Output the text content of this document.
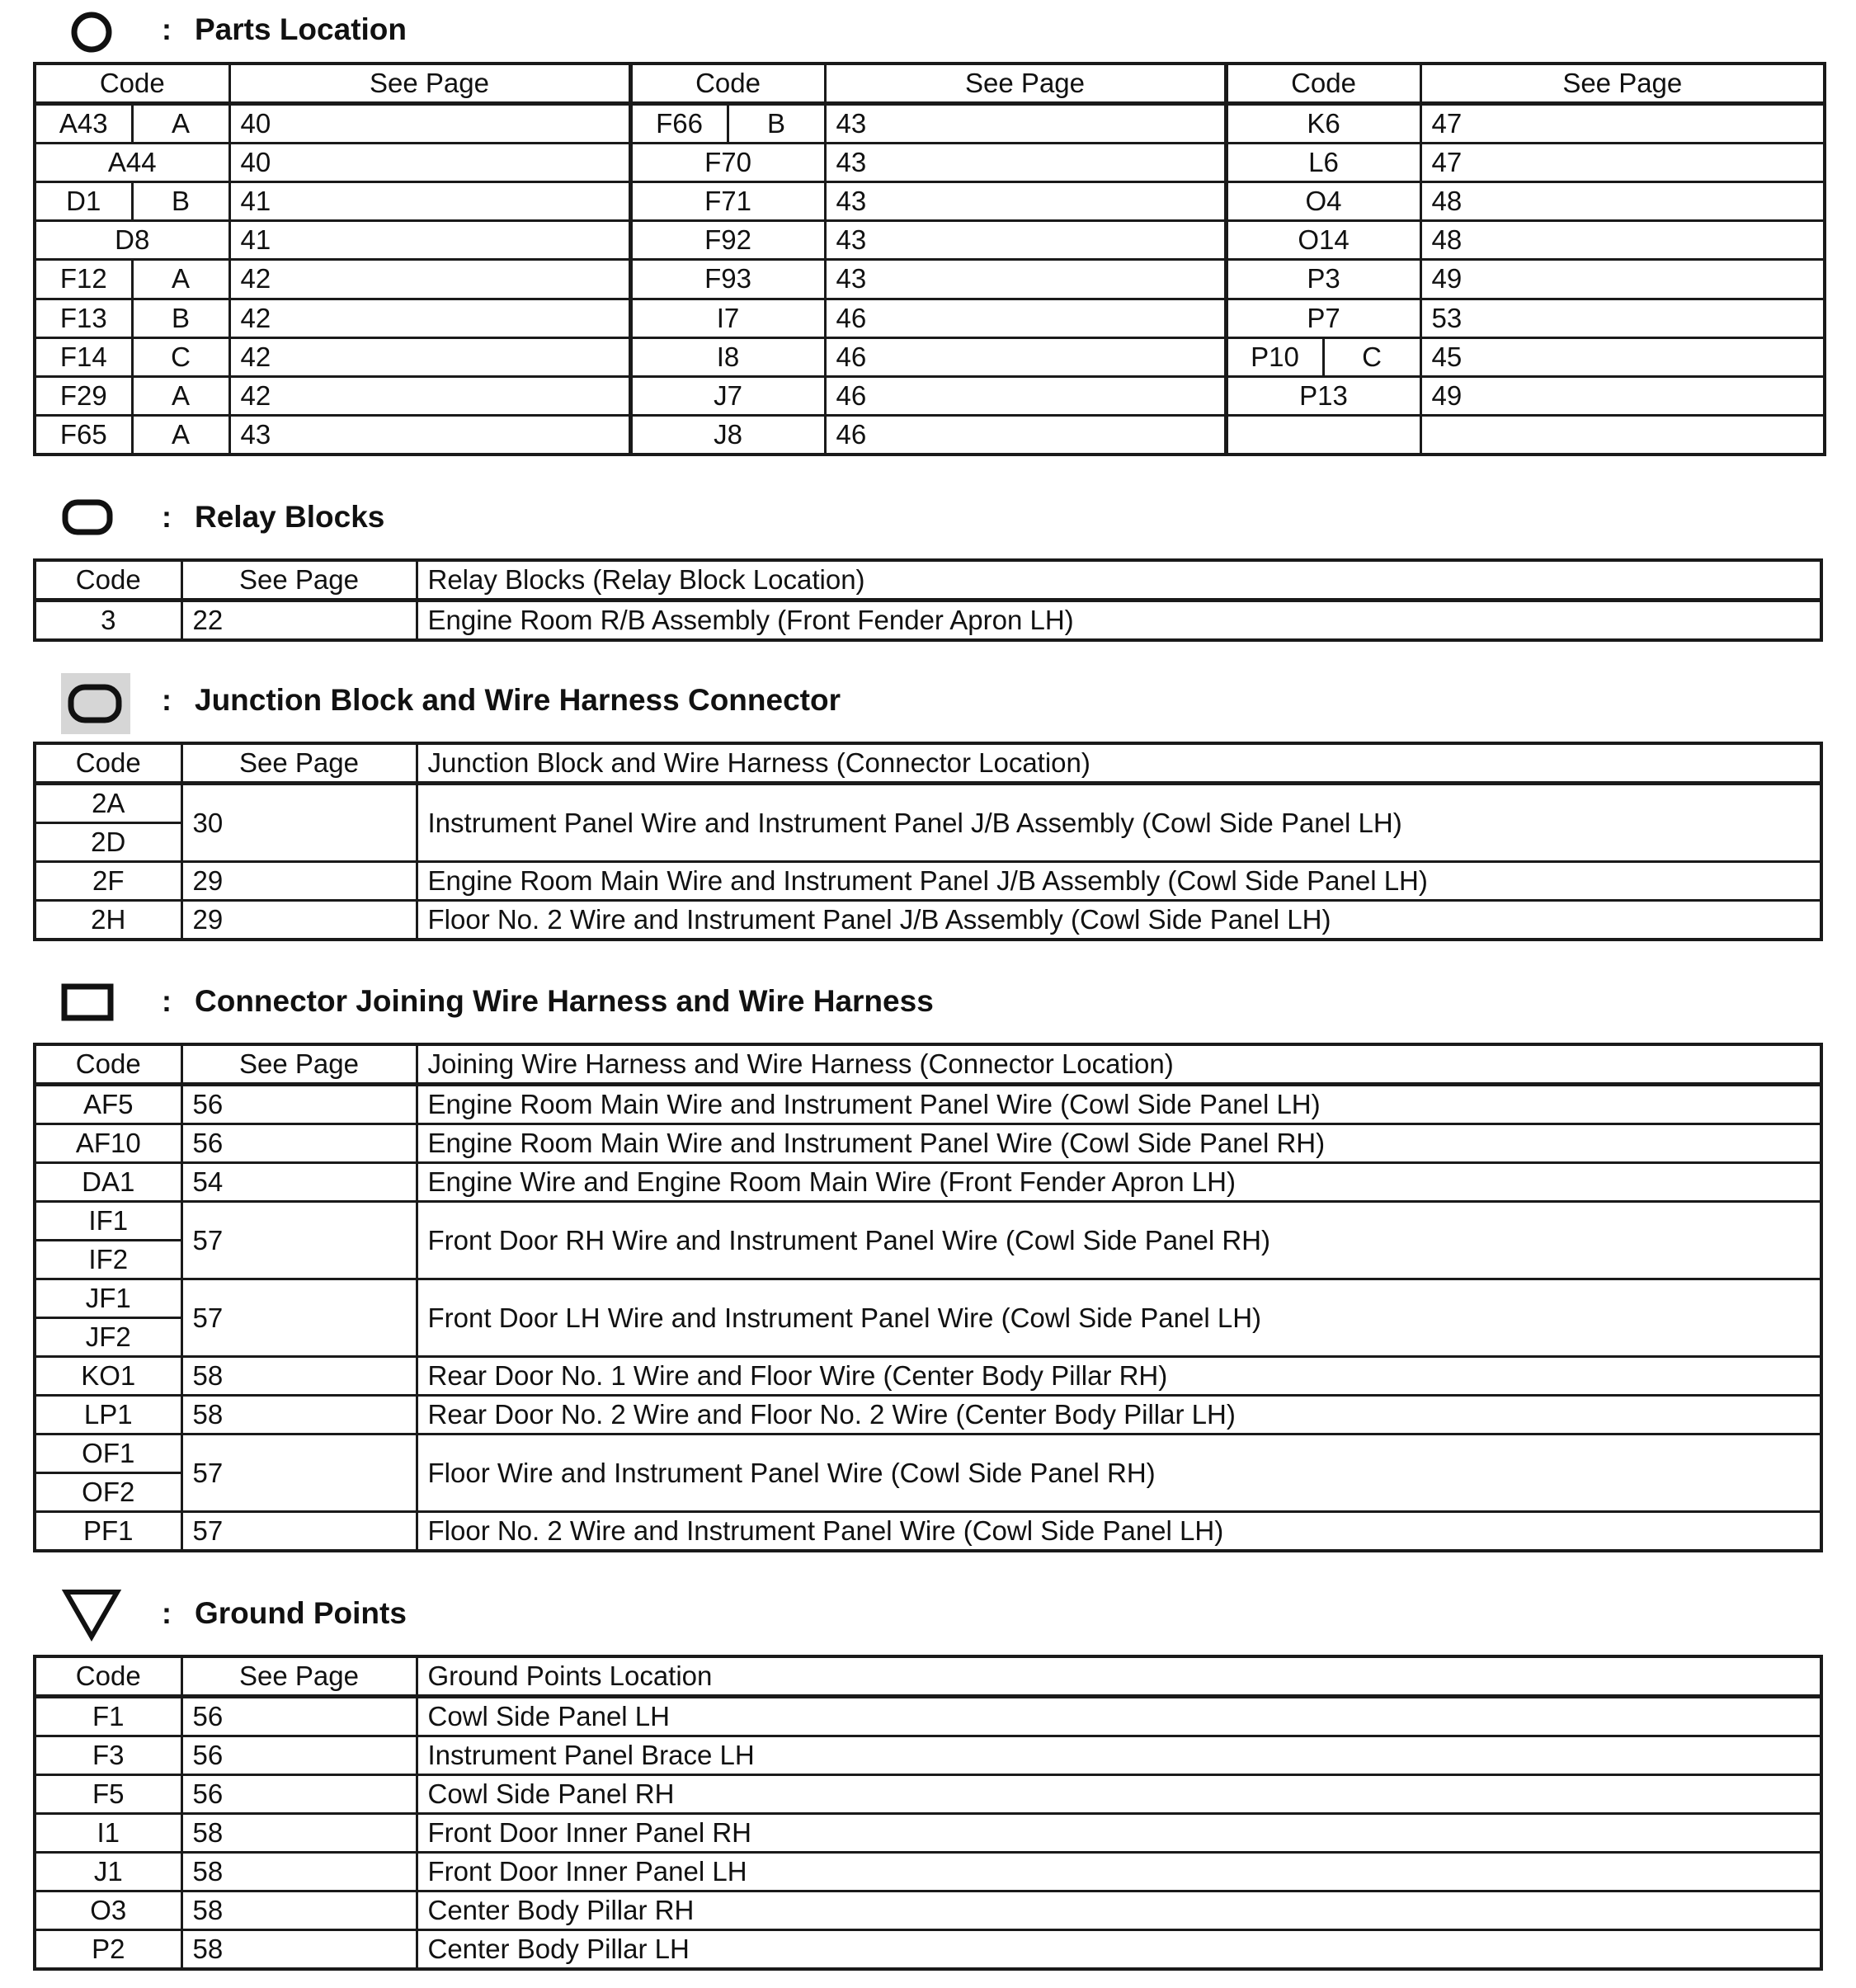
: Parts Location
Code		See Page	Code		See Page	Code		See Page
A43	A	40	F66	B	43	K6		47
A44		40	F70		43	L6		47
D1	B	41	F71		43	O4		48
D8		41	F92		43	O14		48
F12	A	42	F93		43	P3		49
F13	B	42	I7		46	P7		53
F14	C	42	I8		46	P10	C	45
F29	A	42	J7		46	P13		49
F65	A	43	J8		46			
: Relay Blocks
Code	See Page	Relay Blocks (Relay Block Location)
3	22	Engine Room R/B Assembly (Front Fender Apron LH)
: Junction Block and Wire Harness Connector
Code	See Page	Junction Block and Wire Harness (Connector Location)
2A	30	Instrument Panel Wire and Instrument Panel J/B Assembly (Cowl Side Panel LH)
2D		
2F	29	Engine Room Main Wire and Instrument Panel J/B Assembly (Cowl Side Panel LH)
2H	29	Floor No. 2 Wire and Instrument Panel J/B Assembly (Cowl Side Panel LH)
: Connector Joining Wire Harness and Wire Harness
Code	See Page	Joining Wire Harness and Wire Harness (Connector Location)
AF5	56	Engine Room Main Wire and Instrument Panel Wire (Cowl Side Panel LH)
AF10	56	Engine Room Main Wire and Instrument Panel Wire (Cowl Side Panel RH)
DA1	54	Engine Wire and Engine Room Main Wire (Front Fender Apron LH)
IF1	57	Front Door RH Wire and Instrument Panel Wire (Cowl Side Panel RH)
IF2		
JF1	57	Front Door LH Wire and Instrument Panel Wire (Cowl Side Panel LH)
JF2		
KO1	58	Rear Door No. 1 Wire and Floor Wire (Center Body Pillar RH)
LP1	58	Rear Door No. 2 Wire and Floor No. 2 Wire (Center Body Pillar LH)
OF1	57	Floor Wire and Instrument Panel Wire (Cowl Side Panel RH)
OF2		
PF1	57	Floor No. 2 Wire and Instrument Panel Wire (Cowl Side Panel LH)
: Ground Points
Code	See Page	Ground Points Location
F1	56	Cowl Side Panel LH
F3	56	Instrument Panel Brace LH
F5	56	Cowl Side Panel RH
I1	58	Front Door Inner Panel RH
J1	58	Front Door Inner Panel LH
O3	58	Center Body Pillar RH
P2	58	Center Body Pillar LH
